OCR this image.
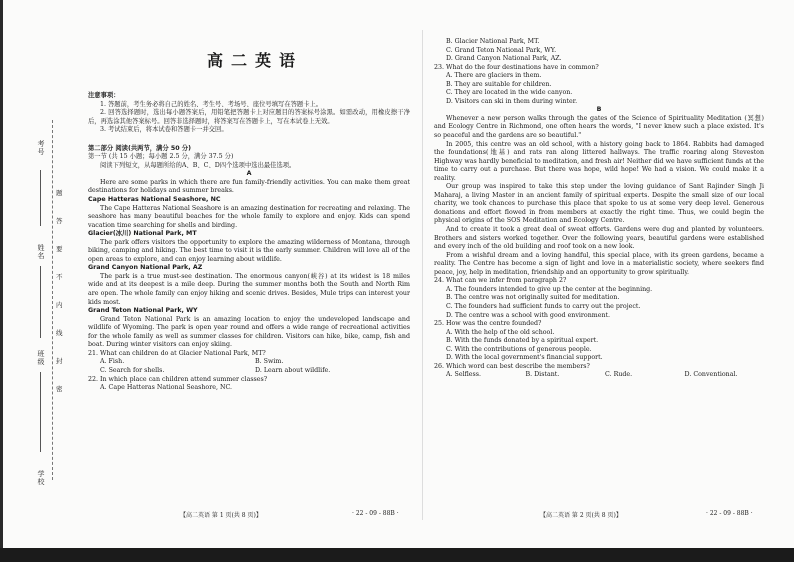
考号
姓名
班级
学校
题
答
要
不
内
线
封
密
高二英语

注意事项：

1. 答题前，考生务必将自己的姓名、考生号、考场号、座位号填写在答题卡上。

2. 回答选择题时，选出每小题答案后，用铅笔把答题卡上对应题目的答案标号涂黑。如需改动，用橡皮擦干净后，再选涂其他答案标号。回答非选择题时，将答案写在答题卡上，写在本试卷上无效。

3. 考试结束后，将本试卷和答题卡一并交回。

第二部分 阅读(共两节，满分 50 分)

第一节 (共 15 小题；每小题 2.5 分，满分 37.5 分)

阅读下列短文，从每题所给的A、B、C、D四个选项中选出最佳选项。

A

Here are some parks in which there are fun family-friendly activities. You can make them great destinations for holidays and summer breaks.

Cape Hatteras National Seashore, NC

The Cape Hatteras National Seashore is an amazing destination for recreating and relaxing. The seashore has many beautiful beaches for the whole family to explore and enjoy. Kids can spend vacation time searching for shells and birding.

Glacier(冰川) National Park, MT

The park offers visitors the opportunity to explore the amazing wilderness of Montana, through biking, camping and hiking. The best time to visit it is the early summer. Children will love all of the open areas to explore, and can enjoy learning about wildlife.

Grand Canyon National Park, AZ

The park is a true must-see destination. The enormous canyon(峡谷) at its widest is 18 miles wide and at its deepest is a mile deep. During the summer months both the South and North Rim are open. The whole family can enjoy hiking and scenic drives. Besides, Mule trips can interest your kids most.

Grand Teton National Park, WY

Grand Teton National Park is an amazing location to enjoy the undeveloped landscape and wildlife of Wyoming. The park is open year round and offers a wide range of recreational activities for the whole family as well as summer classes for children. Visitors can hike, bike, camp, fish and boat. During winter visitors can enjoy skiing.

21. What can children do at Glacier National Park, MT?

A. Fish.	B. Swim.
C. Search for shells.	D. Learn about wildlife.

22. In which place can children attend summer classes?

A. Cape Hatteras National Seashore, NC.

【高二英语 第 1 页(共 8 页)】	· 22 - 09 - 88B ·

B. Glacier National Park, MT.

C. Grand Teton National Park, WY.

D. Grand Canyon National Park, AZ.

23. What do the four destinations have in common?

A. There are glaciers in them.

B. They are suitable for children.

C. They are located in the wide canyon.

D. Visitors can ski in them during winter.

B

Whenever a new person walks through the gates of the Science of Spirituality Meditation (冥想) and Ecology Centre in Richmond, one often hears the words, "I never knew such a place existed. It's so peaceful and the gardens are so beautiful."

In 2005, this centre was an old school, with a history going back to 1864. Rabbits had damaged the foundations(地基) and rats ran along littered hallways. The traffic roaring along Steveston Highway was hardly beneficial to meditation, and fresh air! Neither did we have sufficient funds at the time to carry out a purchase. But there was hope, wild hope! We had a vision. We could make it a reality.

Our group was inspired to take this step under the loving guidance of Sant Rajinder Singh Ji Maharaj, a living Master in an ancient family of spiritual experts. Despite the small size of our local charity, we took chances to purchase this place that spoke to us at some very deep level. Generous donations and effort flowed in from members at exactly the right time. Thus, we could begin the physical origins of the SOS Meditation and Ecology Centre.

And to create it took a great deal of sweat efforts. Gardens were dug and planted by volunteers. Brothers and sisters worked together. Over the following years, beautiful gardens were established and every inch of the old building and roof took on a new look.

From a wishful dream and a loving handful, this special place, with its green gardens, became a reality. The Centre has become a sign of light and love in a materialistic society, where seekers find peace, joy, help in meditation, friendship and an opportunity to grow spiritually.

24. What can we infer from paragraph 2?

A. The founders intended to give up the center at the beginning.

B. The centre was not originally suited for meditation.

C. The founders had sufficient funds to carry out the project.

D. The centre was a school with good environment.

25. How was the centre founded?

A. With the help of the old school.

B. With the funds donated by a spiritual expert.

C. With the contributions of generous people.

D. With the local government's financial support.

26. Which word can best describe the members?

A. Selfless.	B. Distant.	C. Rude.	D. Conventional.
【高二英语 第 2 页(共 8 页)】	· 22 - 09 - 88B ·
